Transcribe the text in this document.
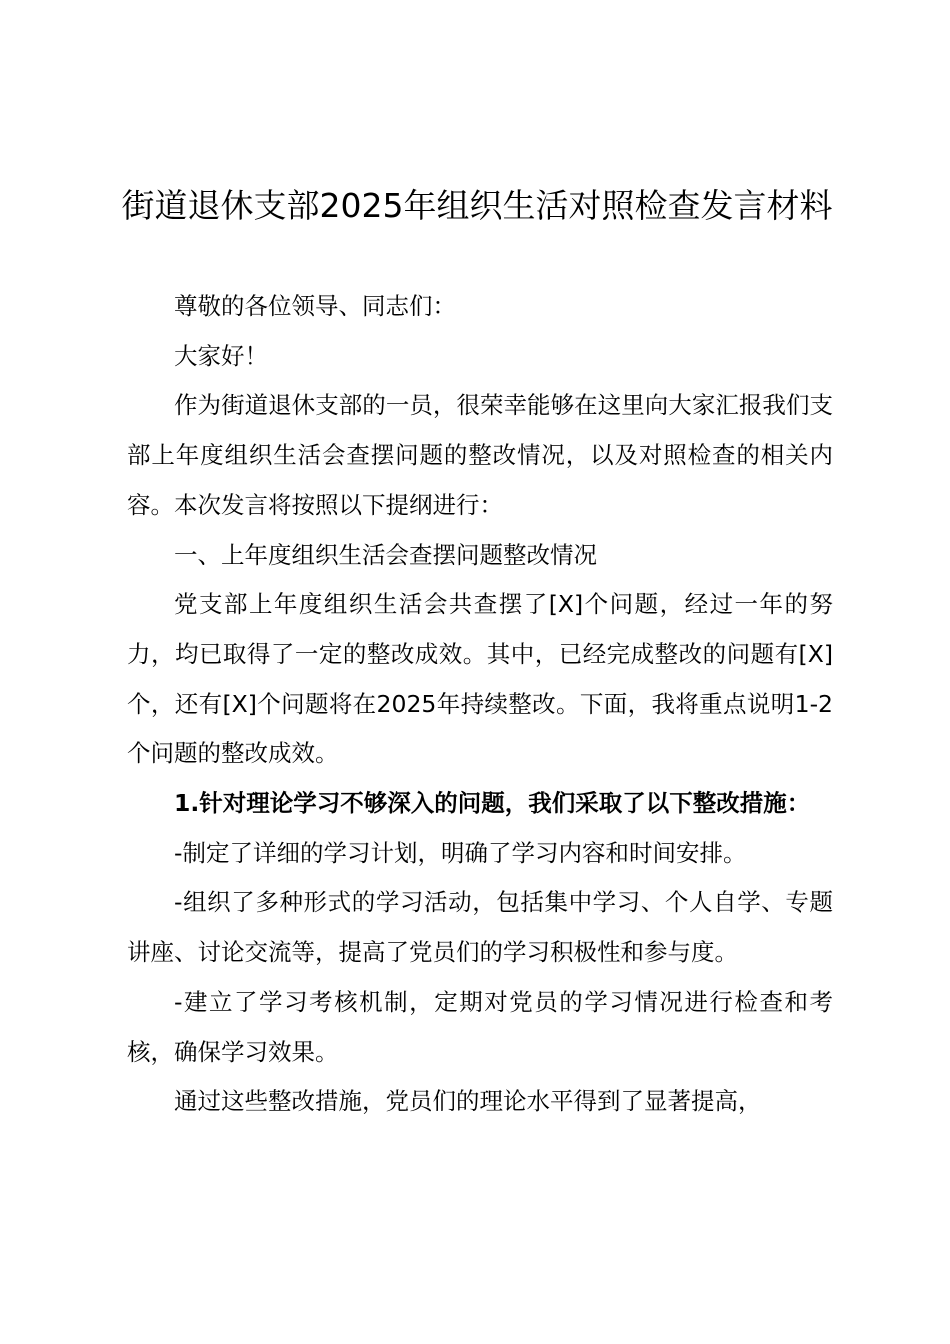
街道退休支部2025年组织生活对照检查发言材料

尊敬的各位领导、同志们：

大家好！

作为街道退休支部的一员，很荣幸能够在这里向大家汇报我们支部上年度组织生活会查摆问题的整改情况，以及对照检查的相关内容。本次发言将按照以下提纲进行：

一、上年度组织生活会查摆问题整改情况

党支部上年度组织生活会共查摆了[X]个问题，经过一年的努力，均已取得了一定的整改成效。其中，已经完成整改的问题有[X]个，还有[X]个问题将在2025年持续整改。下面，我将重点说明1-2个问题的整改成效。

1.针对理论学习不够深入的问题，我们采取了以下整改措施：

-制定了详细的学习计划，明确了学习内容和时间安排。

-组织了多种形式的学习活动，包括集中学习、个人自学、专题讲座、讨论交流等，提高了党员们的学习积极性和参与度。

-建立了学习考核机制，定期对党员的学习情况进行检查和考核，确保学习效果。

通过这些整改措施，党员们的理论水平得到了显著提高，
